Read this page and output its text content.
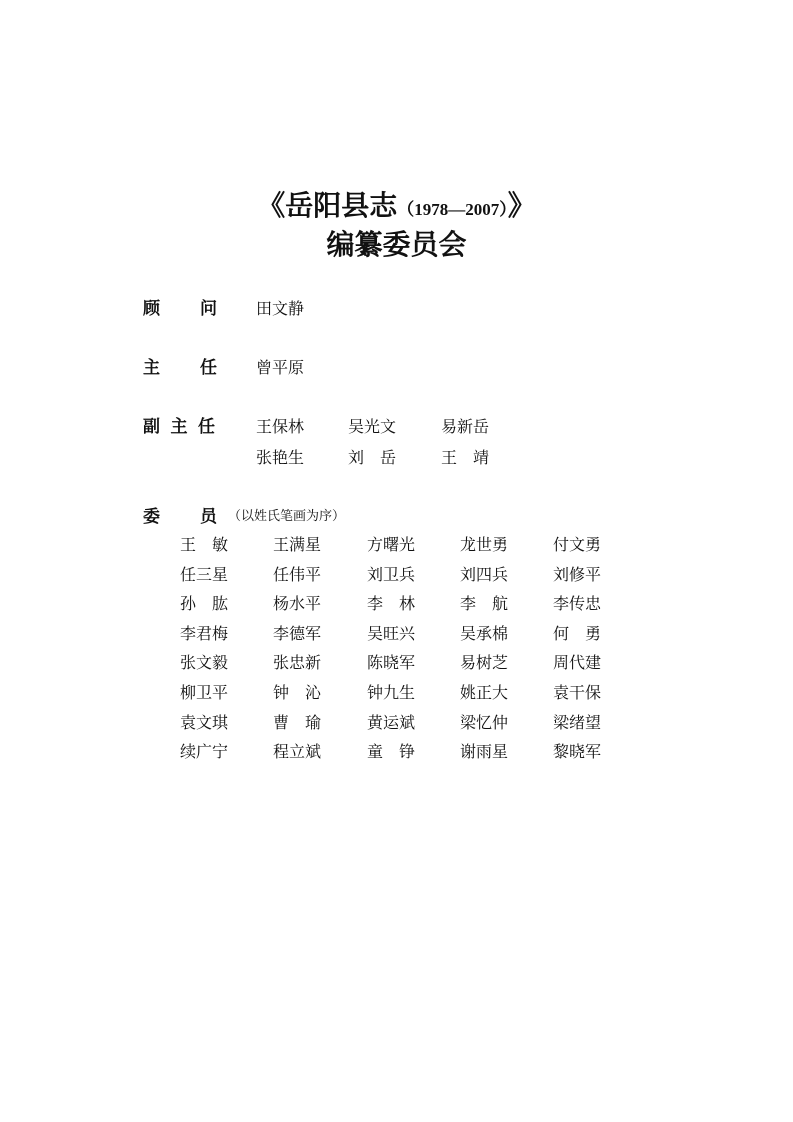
《岳阳县志（1978—2007）》
编纂委员会
顾 问 田文静
主 任 曾平原
副 主 任	王保林	吴光文	易新岳
张艳生	刘　岳	王　靖
委 员 （以姓氏笔画为序）
王　敏	王满星	方曙光	龙世勇	付文勇
任三星	任伟平	刘卫兵	刘四兵	刘修平
孙　肱	杨水平	李　林	李　航	李传忠
李君梅	李德军	吴旺兴	吴承棉	何　勇
张文毅	张忠新	陈晓军	易树芝	周代建
柳卫平	钟　沁	钟九生	姚正大	袁干保
袁文琪	曹　瑜	黄运斌	梁忆仲	梁绪望
续广宁	程立斌	童　铮	谢雨星	黎晓军
